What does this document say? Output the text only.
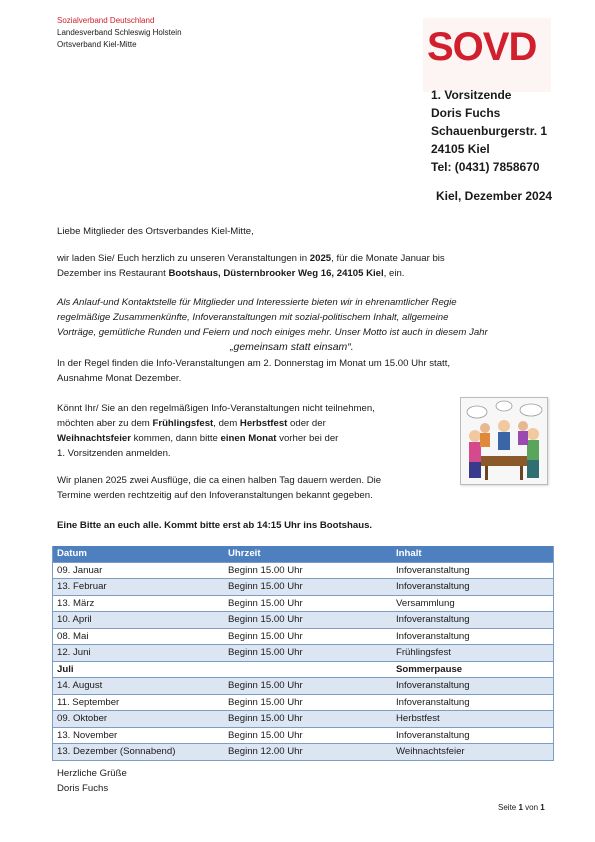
Sozialverband Deutschland
Landesverband Schleswig Holstein
Ortsverband Kiel-Mitte	SOVD
1. Vorsitzende
Doris Fuchs
Schauenburgerstr. 1
24105 Kiel
Tel: (0431) 7858670
Kiel, Dezember 2024
Liebe Mitglieder des Ortsverbandes Kiel-Mitte,
wir laden Sie/ Euch herzlich zu unseren Veranstaltungen in 2025, für die Monate Januar bis
Dezember ins Restaurant Bootshaus, Düsternbrooker Weg 16, 24105 Kiel, ein.
Als Anlauf-und Kontaktstelle für Mitglieder und Interessierte bieten wir in ehrenamtlicher Regie
regelmäßige Zusammenkünfte, Infoveranstaltungen mit sozial-politischem Inhalt, allgemeine
Vorträge, gemütliche Runden und Feiern und noch einiges mehr. Unser Motto ist auch in diesem Jahr
„gemeinsam statt einsam“.
In der Regel finden die Info-Veranstaltungen am 2. Donnerstag im Monat um 15.00 Uhr statt,
Ausnahme Monat Dezember.
Könnt Ihr/ Sie an den regelmäßigen Info-Veranstaltungen nicht teilnehmen,
möchten aber zu dem Frühlingsfest, dem Herbstfest oder der
Weihnachtsfeier kommen, dann bitte einen Monat vorher bei der
1. Vorsitzenden anmelden.
Wir planen 2025 zwei Ausflüge, die ca einen halben Tag dauern werden. Die
Termine werden rechtzeitig auf den Infoveranstaltungen bekannt gegeben.
Eine Bitte an euch alle. Kommt bitte erst ab 14:15 Uhr ins Bootshaus.
Datum	Uhrzeit	Inhalt
09. Januar	Beginn 15.00 Uhr	Infoveranstaltung
13. Februar	Beginn 15.00 Uhr	Infoveranstaltung
13. März	Beginn 15.00 Uhr	Versammlung
10. April	Beginn 15.00 Uhr	Infoveranstaltung
08. Mai	Beginn 15.00 Uhr	Infoveranstaltung
12. Juni	Beginn 15.00 Uhr	Frühlingsfest
Juli		Sommerpause
14. August	Beginn 15.00 Uhr	Infoveranstaltung
11. September	Beginn 15.00 Uhr	Infoveranstaltung
09. Oktober	Beginn 15.00 Uhr	Herbstfest
13. November	Beginn 15.00 Uhr	Infoveranstaltung
13. Dezember (Sonnabend)	Beginn 12.00 Uhr	Weihnachtsfeier
Herzliche Grüße
Doris Fuchs
Seite 1 von 1
